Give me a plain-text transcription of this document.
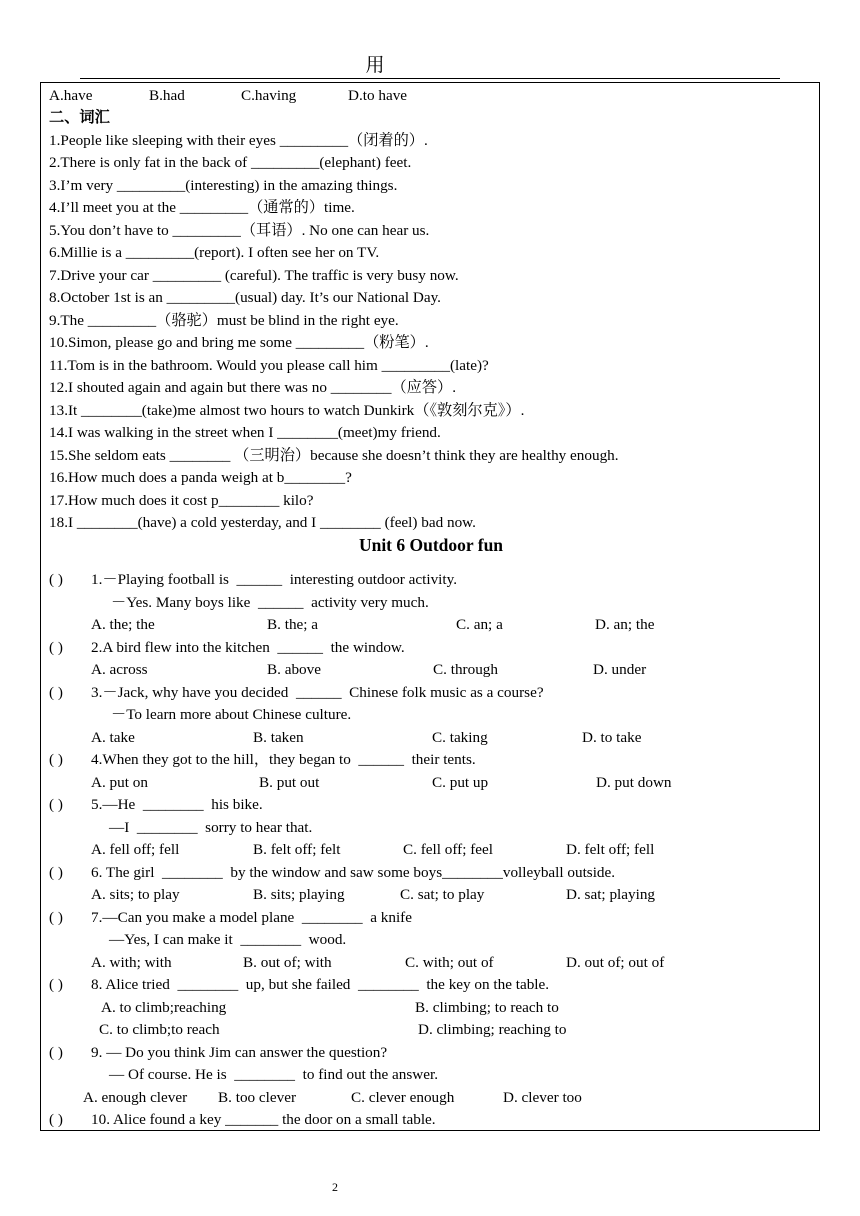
用
A.have	B.had	C.having	D.to have
二、词汇
1.People like sleeping with their eyes _________（闭着的）.
2.There is only fat in the back of _________(elephant) feet.
3.I’m very _________(interesting) in the amazing things.
4.I’ll meet you at the _________（通常的）time.
5.You don’t have to _________（耳语）. No one can hear us.
6.Millie is a _________(report). I often see her on TV.
7.Drive your car _________ (careful). The traffic is very busy now.
8.October 1st is an _________(usual) day. It’s our National Day.
9.The _________（骆驼）must be blind in the right eye.
10.Simon, please go and bring me some _________（粉笔）.
11.Tom is in the bathroom. Would you please call him _________(late)?
12.I shouted again and again but there was no ________（应答）.
13.It ________(take)me almost two hours to watch Dunkirk（《敦刻尔克》）.
14.I was walking in the street when I ________(meet)my friend.
15.She seldom eats ________ （三明治）because she doesn’t think they are healthy enough.
16.How much does a panda weigh at b________?
17.How much does it cost p________ kilo?
18.I ________(have) a cold yesterday, and I ________ (feel) bad now.
Unit 6 Outdoor fun
( ) 1.－Playing football is  ______  interesting outdoor activity.
－Yes. Many boys like  ______  activity very much.
A. the; the	B. the; a	C. an; a	D. an; the
( ) 2.A bird flew into the kitchen  ______  the window.
A. across	B. above	C. through	D. under
( ) 3.－Jack, why have you decided  ______  Chinese folk music as a course?
－To learn more about Chinese culture.
A. take	B. taken	C. taking	D. to take
( ) 4.When they got to the hill，they began to  ______  their tents.
A. put on	B. put out	C. put up	D. put down
( ) 5.—He  ________  his bike.
—I  ________  sorry to hear that.
A. fell off; fell	B. felt off; felt	C. fell off; feel	D. felt off; fell
( ) 6. The girl  ________  by the window and saw some boys________volleyball outside.
A. sits; to play	B. sits; playing	C. sat; to play	D. sat; playing
( ) 7.—Can you make a model plane  ________  a knife
—Yes, I can make it  ________  wood.
A. with; with	B. out of; with	C. with; out of	D. out of; out of
( ) 8. Alice tried  ________  up, but she failed  ________  the key on the table.
A. to climb;reaching	B. climbing; to reach to
C. to climb;to reach	D. climbing; reaching to
( ) 9. — Do you think Jim can answer the question?
— Of course. He is  ________  to find out the answer.
A. enough clever B. too clever	C. clever enough	D. clever too
( ) 10. Alice found a key _______ the door on a small table.
2
